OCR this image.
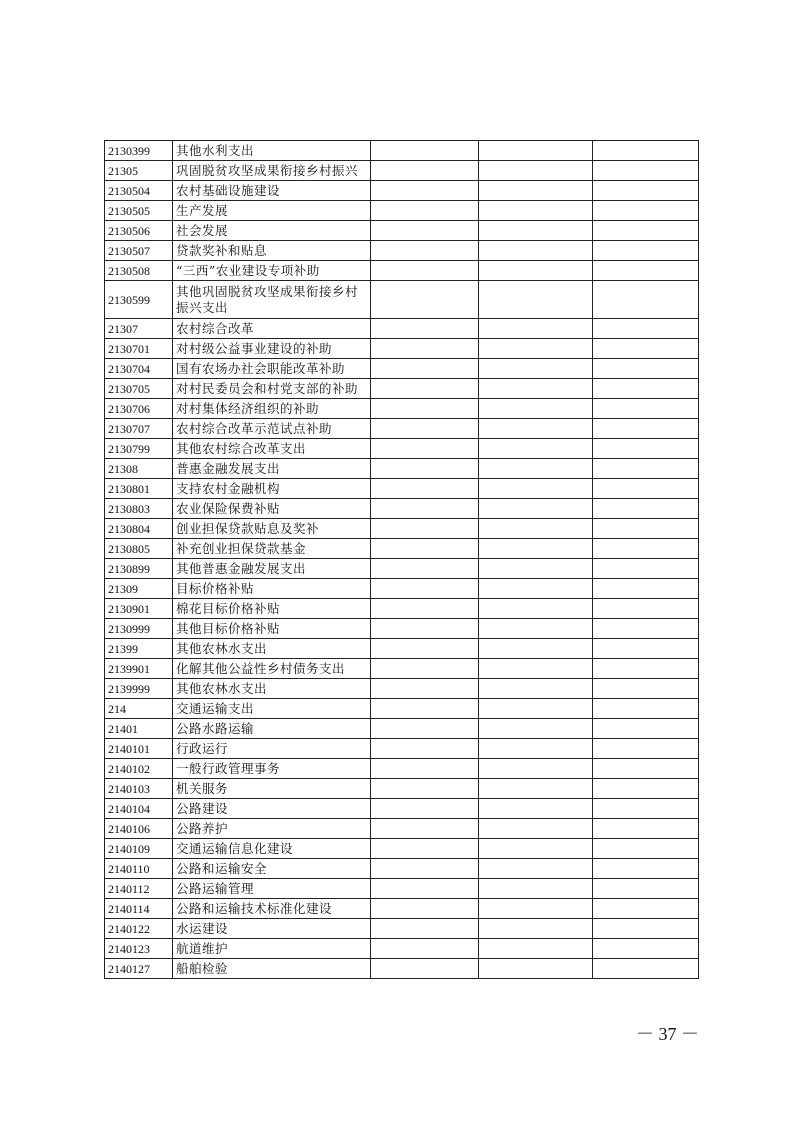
2130399	其他水利支出			
21305	巩固脱贫攻坚成果衔接乡村振兴			
2130504	农村基础设施建设			
2130505	生产发展			
2130506	社会发展			
2130507	贷款奖补和贴息			
2130508	“三西”农业建设专项补助			
2130599	其他巩固脱贫攻坚成果衔接乡村振兴支出			
21307	农村综合改革			
2130701	对村级公益事业建设的补助			
2130704	国有农场办社会职能改革补助			
2130705	对村民委员会和村党支部的补助			
2130706	对村集体经济组织的补助			
2130707	农村综合改革示范试点补助			
2130799	其他农村综合改革支出			
21308	普惠金融发展支出			
2130801	支持农村金融机构			
2130803	农业保险保费补贴			
2130804	创业担保贷款贴息及奖补			
2130805	补充创业担保贷款基金			
2130899	其他普惠金融发展支出			
21309	目标价格补贴			
2130901	棉花目标价格补贴			
2130999	其他目标价格补贴			
21399	其他农林水支出			
2139901	化解其他公益性乡村债务支出			
2139999	其他农林水支出			
214	交通运输支出			
21401	公路水路运输			
2140101	行政运行			
2140102	一般行政管理事务			
2140103	机关服务			
2140104	公路建设			
2140106	公路养护			
2140109	交通运输信息化建设			
2140110	公路和运输安全			
2140112	公路运输管理			
2140114	公路和运输技术标准化建设			
2140122	水运建设			
2140123	航道维护			
2140127	船舶检验			
－ 37 －
